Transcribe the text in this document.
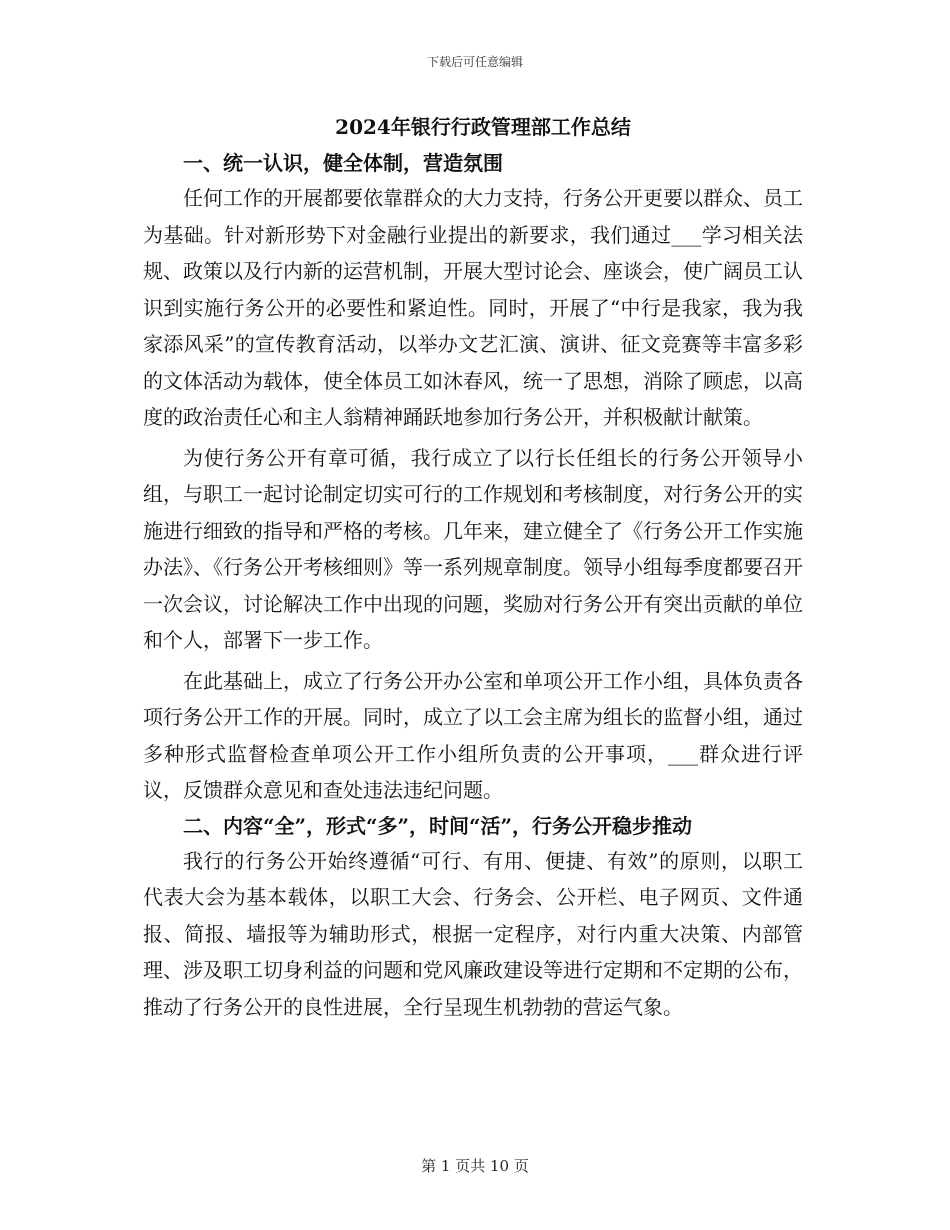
下载后可任意编辑
2024年银行行政管理部工作总结
一、统一认识，健全体制，营造氛围

任何工作的开展都要依靠群众的大力支持，行务公开更要以群众、员工为基础。针对新形势下对金融行业提出的新要求，我们通过___学习相关法规、政策以及行内新的运营机制，开展大型讨论会、座谈会，使广阔员工认识到实施行务公开的必要性和紧迫性。同时，开展了“中行是我家，我为我家添风采”的宣传教育活动，以举办文艺汇演、演讲、征文竞赛等丰富多彩的文体活动为载体，使全体员工如沐春风，统一了思想，消除了顾虑，以高度的政治责任心和主人翁精神踊跃地参加行务公开，并积极献计献策。

为使行务公开有章可循，我行成立了以行长任组长的行务公开领导小组，与职工一起讨论制定切实可行的工作规划和考核制度，对行务公开的实施进行细致的指导和严格的考核。几年来，建立健全了《行务公开工作实施办法》、《行务公开考核细则》等一系列规章制度。领导小组每季度都要召开一次会议，讨论解决工作中出现的问题，奖励对行务公开有突出贡献的单位和个人，部署下一步工作。

在此基础上，成立了行务公开办公室和单项公开工作小组，具体负责各项行务公开工作的开展。同时，成立了以工会主席为组长的监督小组，通过多种形式监督检查单项公开工作小组所负责的公开事项，___群众进行评议，反馈群众意见和查处违法违纪问题。

二、内容“全”，形式“多”，时间“活”，行务公开稳步推动

我行的行务公开始终遵循“可行、有用、便捷、有效”的原则，以职工代表大会为基本载体，以职工大会、行务会、公开栏、电子网页、文件通报、简报、墙报等为辅助形式，根据一定程序，对行内重大决策、内部管理、涉及职工切身利益的问题和党风廉政建设等进行定期和不定期的公布，推动了行务公开的良性进展，全行呈现生机勃勃的营运气象。

第 1 页共 10 页
